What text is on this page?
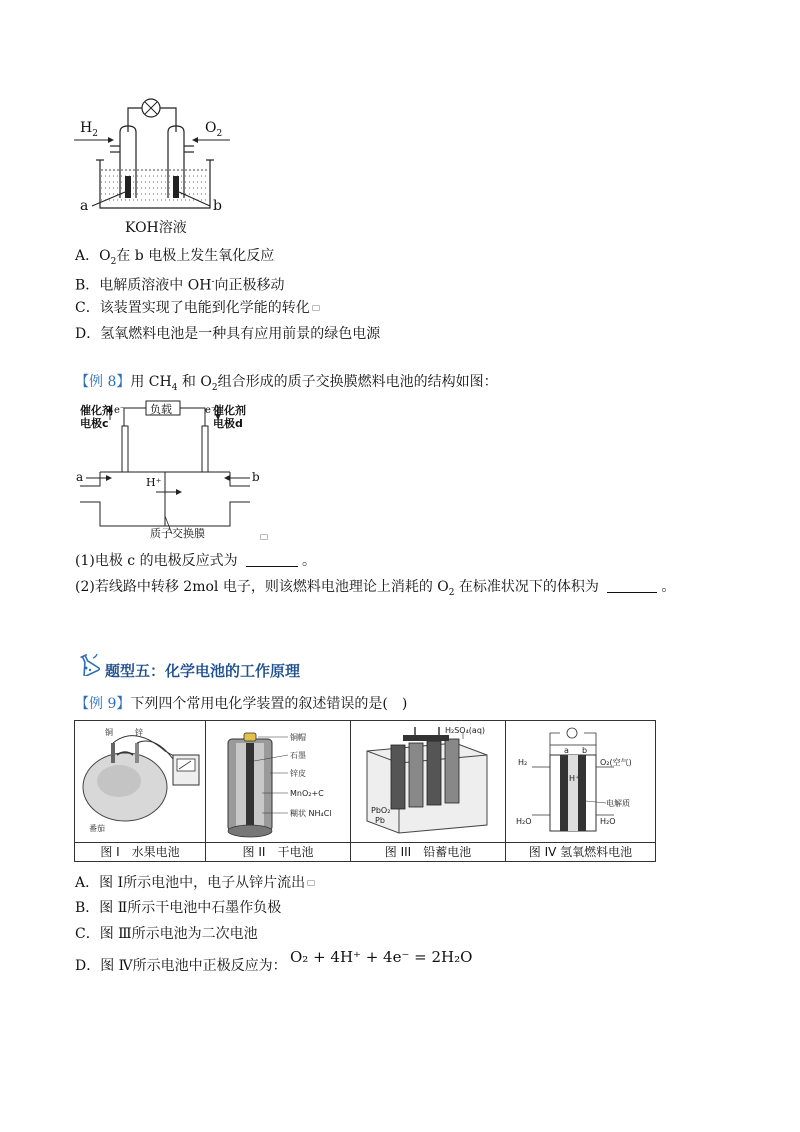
$H_2$	$O_2$
a	b
KOH溶液
A．$O_2$在 b 电极上发生氧化反应
B．电解质溶液中 OH-向正极移动
C．该装置实现了电能到化学能的转化
D．氢氧燃料电池是一种具有应用前景的绿色电源
【例 8】用 $CH_4$ 和 $O_2$组合形成的质子交换膜燃料电池的结构如图：
负载
催化剂
电极c
催化剂
电极d
e⁻	e⁻
a	b
H⁺
质子交换膜
(1)电极 c 的电极反应式为	。
(2)若线路中转移 2mol 电子，则该燃料电池理论上消耗的 $O_2$ 在标准状况下的体积为	。
题型五：化学电池的工作原理
【例 9】下列四个常用电化学装置的叙述错误的是(　)
铜	锌
番茄
铜帽
石墨
锌皮
MnO₂+C
糊状 NH₄Cl
H₂SO₄(aq)
PbO₂
Pb
a b
H₂	O₂(空气)
H⁺
电解质
H₂O	H₂O
图 I　水果电池	图 II　干电池	图 III　铅蓄电池	图 IV 氢氧燃料电池
A．图 Ⅰ所示电池中，电子从锌片流出
B．图 Ⅱ所示干电池中石墨作负极
C．图 Ⅲ所示电池为二次电池
D．图 Ⅳ所示电池中正极反应为： O₂ + 4H⁺ + 4e⁻ = 2H₂O
